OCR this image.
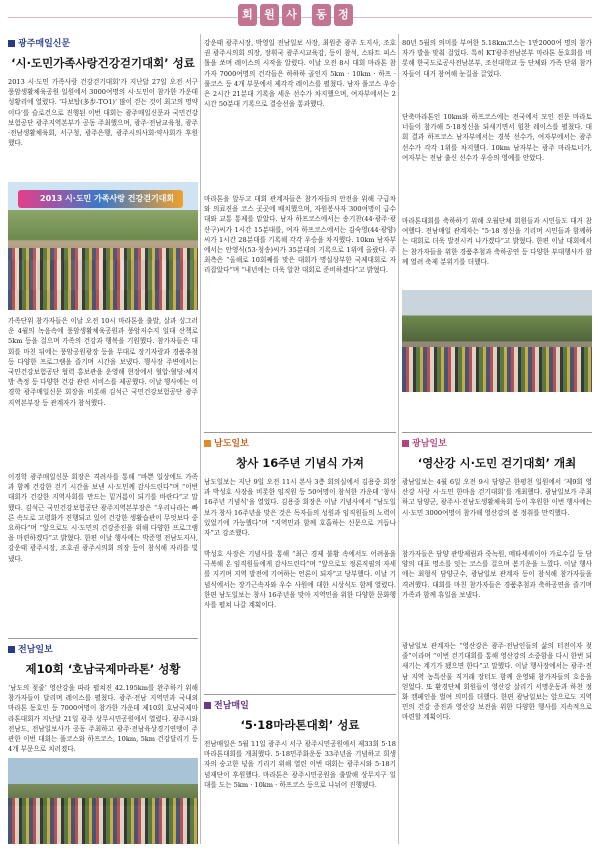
회	원	사	동	정
광주매일신문
‘시·도민가족사랑건강걷기대회’ 성료

2013 시·도민 가족사랑 건강걷기대회’가 지난달 27일 오전 서구 풍암생활체육공원 일원에서 3000여명의 시·도민이 참가한 가운데 성황리에 열렸다. ‘다보탑(多步-TO1)’ 많이 걷는 것이 최고의 명약이다’를 슬로건으로 진행된 이번 대회는 광주매일신문과 국민건강보험공단 광주지역본부가 공동 주최했으며, 광주·전남교육청, 광주·전남생활체육회, 서구청, 광주은행, 광주시의사회·약사회가 후원했다.

2013 시·도민 가족사랑 건강걷기대회

가족단위 참가자들은 이날 오전 10시 마라톤을 출발, 살과 싱그러운 4월의 녹음속에 풍암생활체육공원과 풍암저수지 일대 산책로 5km 등을 걸으며 가족의 건강과 행복을 기원했다. 참가자들은 대회를 마친 뒤에는 풍암공원광장 등을 무대로 장기자랑과 경품추첨 등 다양한 프로그램을 즐기며 시간을 보냈다. 행사장 주변에서는 국민건강보험공단 협력 홍보관을 운영해 현장에서 혈압·혈당·체지방 측정 등 다양한 건강 관련 서비스를 제공했다. 이날 행사에는 이경학 광주매일신문 회장을 비롯해 김석근 국민건강보험공단 광주지역본부장 등 관계자가 참석했다.

이경학 광주매일신문 회장은 격려사를 통해 “바쁜 일상에도 가족과 함께 건강한 걷기 시간을 보낸 시·도민께 감사드린다”며 “이번 대회가 건강한 지역사회를 만드는 밑거름이 되기를 바란다”고 말했다. 김석근 국민건강보험공단 광주지역본부장은 “우리나라는 빠른 속도로 고령화가 진행되고 있어 건강한 생활습관이 무엇보다 중요하다”며 “앞으로도 시·도민의 건강증진을 위해 다양한 프로그램을 마련하겠다”고 밝혔다. 한편 이날 행사에는 박준영 전남도지사, 강운태 광주시장, 조호권 광주시의회 의장 등이 참석해 자리를 빛냈다.

전남일보
제10회 ‘호남국제마라톤’ 성황

‘남도의 젖줄’ 영산강을 따라 펼쳐진 42.195km를 완주하기 위해 참가자들이 달리며 레이스를 펼쳤다. 광주·전남 지역민과 국내외 마라톤 동호인 등 7000여명이 참가한 가운데 제10회 호남국제마라톤대회가 지난달 21일 광주 상무시민공원에서 열렸다. 광주시와 전남도, 전남일보사가 공동 주최하고 광주·전남육상경기연맹이 주관한 이번 대회는 풀코스와 하프코스, 10km, 5km 건강달리기 등 4개 부문으로 치러졌다.

강운태 광주시장, 박영일 전남일보 사장, 최원준 광주 도지사, 조호권 광주시의회 의장, 장휘국 광주시교육감, 등이 참석, 스타트 피스톨을 쏘며 레이스의 시작을 알렸다. 이날 오전 8시 대회 마라톤 참가자 7000여명의 건각들은 하하하 골인지 5km · 10km · 하프 · 풀코스 등 4개 부문에서 제각각 레이스를 펼쳤다. 남자 풀코스 우승은 2시간 21분대 기록을 세운 선수가 차지했으며, 여자부에서는 2시간 50분대 기록으로 결승선을 통과했다.

마라톤을 앞두고 대회 관계자들은 참가자들의 안전을 위해 구급차와 의료진을 코스 곳곳에 배치했으며, 자원봉사자 300여명이 급수대와 교통 통제를 맡았다. 남자 하프코스에서는 송기찬(44·광주·광산구)씨가 1시간 15분대를, 여자 하프코스에서는 김숙영(44·광양)씨가 1시간 28분대를 기록해 각각 우승을 차지했다. 10km 남자부에서는 안영식(53·청송)씨가 35분대의 기록으로 1위에 올랐다. 주최측은 “올해로 10회째를 맞은 대회가 명실상부한 국제대회로 자리잡았다”며 “내년에는 더욱 알찬 대회로 준비하겠다”고 밝혔다.

남도일보
창사 16주년 기념식 가져

남도일보는 지난 9일 오전 11시 본사 3층 회의실에서 김용중 회장과 박성호 사장을 비롯한 임직원 등 50여명이 참석한 가운데 ‘창사 16주년 기념식’을 열었다. 김용중 회장은 이날 기념사에서 “남도일보가 창사 16주년을 맞은 것은 독자들의 성원과 임직원들의 노력이 있었기에 가능했다”며 “지역민과 함께 호흡하는 신문으로 거듭나자”고 강조했다.

박성호 사장은 기념사를 통해 “최근 경제 불황 속에서도 어려움을 극복해 온 임직원들에게 감사드린다”며 “앞으로도 정론직필의 자세를 지키며 지역 발전에 기여하는 언론이 되자”고 당부했다. 이날 기념식에서는 장기근속자와 우수 사원에 대한 시상식도 함께 열렸다. 한편 남도일보는 창사 16주년을 맞아 지역민을 위한 다양한 문화행사를 펼쳐 나갈 계획이다.

전남매일
‘5·18마라톤대회’ 성료

전남매일은 5월 11일 광주시 서구 광주시민공원에서 제33회 5·18마라톤대회를 개최했다. 5·18민주화운동 33주년을 기념하고 희생자의 숭고한 넋을 기리기 위해 열린 이번 대회는 광주시와 5·18기념재단이 후원했다. 마라톤은 광주시민공원을 출발해 상무지구 일대를 도는 5km · 10km · 하프코스 등으로 나뉘어 진행됐다.

80년 5월의 의미를 부여한 5.18km코스는 1만2000여 명의 참가자가 발을 맞춰 걸었다. 특히 KT광주전남본부 마라톤 동호회를 비롯해 한국도로공사전남본부, 조선대학교 등 단체와 가족 단위 참가자들이 대거 참여해 눈길을 끌었다.

단축마라톤인 10km와 하프코스에는 전국에서 모인 전문 마라토너들이 참가해 5·18정신을 되새기면서 힘찬 레이스를 펼쳤다. 대회 결과 하프코스 남자부에서는 경북 선수가, 여자부에서는 광주 선수가 각각 1위를 차지했다. 10km 남자부는 광주 마라토너가, 여자부는 전남 출신 선수가 우승의 영예를 안았다.

마라톤대회를 축하하기 위해 오월단체 회원들과 시민들도 대거 참여했다. 전남매일 관계자는 “5·18 정신을 기리며 시민들과 함께하는 대회로 더욱 발전시켜 나가겠다”고 밝혔다. 한편 이날 대회에서는 참가자들을 위한 경품추첨과 축하공연 등 다양한 부대행사가 함께 열려 축제 분위기를 더했다.

광남일보
‘영산강 시·도민 걷기대회’ 개최

광남일보는 4월 6일 오전 9시 담양군 한평천 일원에서 ‘제9회 영산강 사랑 시·도민 한마음 걷기대회’를 개최했다. 광남일보가 주최하고 담양군, 광주시·전남도생활체육회 등이 후원한 이번 행사에는 시·도민 3000여명이 참가해 영산강의 봄 정취를 만끽했다.

참가자들은 담양 관방제림과 죽녹원, 메타세쿼이아 가로수길 등 담양의 대표 명소를 잇는 코스를 걸으며 봄기운을 느꼈다. 이날 행사에는 최형식 담양군수, 광남일보 관계자 등이 참석해 참가자들을 격려했다. 대회를 마친 참가자들은 경품추첨과 축하공연을 즐기며 가족과 함께 휴일을 보냈다.

광남일보 관계자는 “영산강은 광주·전남인들의 삶의 터전이자 젖줄”이라며 “이번 걷기대회를 통해 영산강의 소중함을 다시 한번 되새기는 계기가 됐으면 한다”고 말했다. 이날 행사장에서는 광주·전남 지역 농특산물 직거래 장터도 함께 운영돼 참가자들의 호응을 얻었다. 또 환경단체 회원들이 영산강 살리기 서명운동과 하천 정화 캠페인을 벌여 의미를 더했다. 한편 광남일보는 앞으로도 지역민의 건강 증진과 영산강 보전을 위한 다양한 행사를 지속적으로 마련할 계획이다.
